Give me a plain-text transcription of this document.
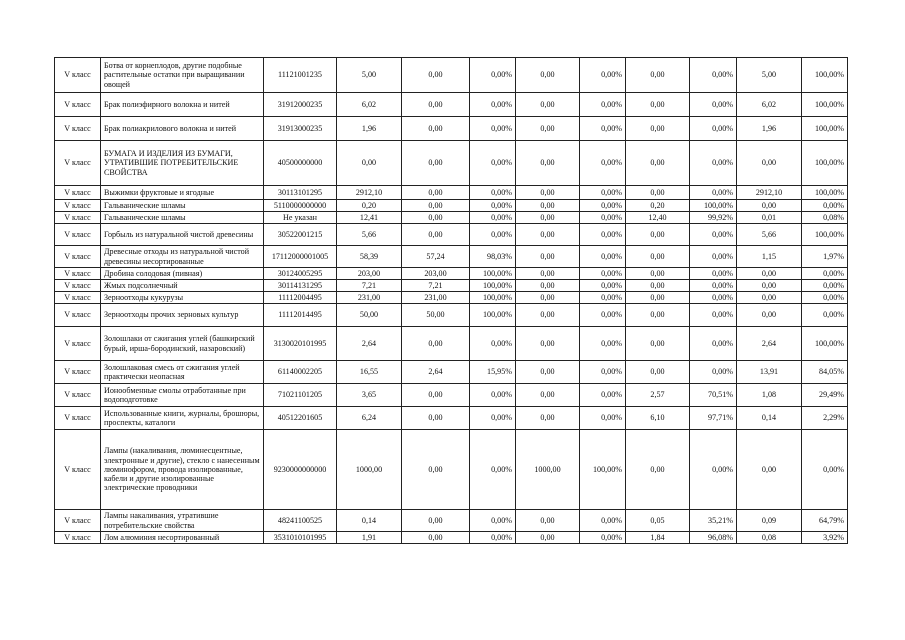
V класс	Ботва от корнеплодов, другие подобные растительные остатки при выращивании овощей	11121001235	5,00	0,00	0,00%	0,00	0,00%	0,00	0,00%	5,00	100,00%
V класс	Брак полиэфирного волокна и нитей	31912000235	6,02	0,00	0,00%	0,00	0,00%	0,00	0,00%	6,02	100,00%
V класс	Брак полиакрилового волокна и нитей	31913000235	1,96	0,00	0,00%	0,00	0,00%	0,00	0,00%	1,96	100,00%
V класс	БУМАГА И ИЗДЕЛИЯ ИЗ БУМАГИ, УТРАТИВШИЕ ПОТРЕБИТЕЛЬСКИЕ СВОЙСТВА	40500000000	0,00	0,00	0,00%	0,00	0,00%	0,00	0,00%	0,00	100,00%
V класс	Выжимки фруктовые и ягодные	30113101295	2912,10	0,00	0,00%	0,00	0,00%	0,00	0,00%	2912,10	100,00%
V класс	Гальванические шламы	5110000000000	0,20	0,00	0,00%	0,00	0,00%	0,20	100,00%	0,00	0,00%
V класс	Гальванические шламы	Не указан	12,41	0,00	0,00%	0,00	0,00%	12,40	99,92%	0,01	0,08%
V класс	Горбыль из натуральной чистой древесины	30522001215	5,66	0,00	0,00%	0,00	0,00%	0,00	0,00%	5,66	100,00%
V класс	Древесные отходы из натуральной чистой древесины несортированные	17112000001005	58,39	57,24	98,03%	0,00	0,00%	0,00	0,00%	1,15	1,97%
V класс	Дробина солодовая (пивная)	30124005295	203,00	203,00	100,00%	0,00	0,00%	0,00	0,00%	0,00	0,00%
V класс	Жмых подсолнечный	30114131295	7,21	7,21	100,00%	0,00	0,00%	0,00	0,00%	0,00	0,00%
V класс	Зерноотходы кукурузы	11112004495	231,00	231,00	100,00%	0,00	0,00%	0,00	0,00%	0,00	0,00%
V класс	Зерноотходы прочих зерновых культур	11112014495	50,00	50,00	100,00%	0,00	0,00%	0,00	0,00%	0,00	0,00%
V класс	Золошлаки от сжигания углей (башкирский бурый, ирша-бородинский, назаровский)	3130020101995	2,64	0,00	0,00%	0,00	0,00%	0,00	0,00%	2,64	100,00%
V класс	Золошлаковая смесь от сжигания углей практически неопасная	61140002205	16,55	2,64	15,95%	0,00	0,00%	0,00	0,00%	13,91	84,05%
V класс	Ионообменные смолы отработанные при водоподготовке	71021101205	3,65	0,00	0,00%	0,00	0,00%	2,57	70,51%	1,08	29,49%
V класс	Использованные книги, журналы, брошюры, проспекты, каталоги	40512201605	6,24	0,00	0,00%	0,00	0,00%	6,10	97,71%	0,14	2,29%
V класс	Лампы (накаливания, люминесцентные, электронные и другие), стекло с нанесенным люминофором, провода изолированные, кабели и другие изолированные электрические проводники	9230000000000	1000,00	0,00	0,00%	1000,00	100,00%	0,00	0,00%	0,00	0,00%
V класс	Лампы накаливания, утратившие потребительские свойства	48241100525	0,14	0,00	0,00%	0,00	0,00%	0,05	35,21%	0,09	64,79%
V класс	Лом алюминия несортированный	3531010101995	1,91	0,00	0,00%	0,00	0,00%	1,84	96,08%	0,08	3,92%
